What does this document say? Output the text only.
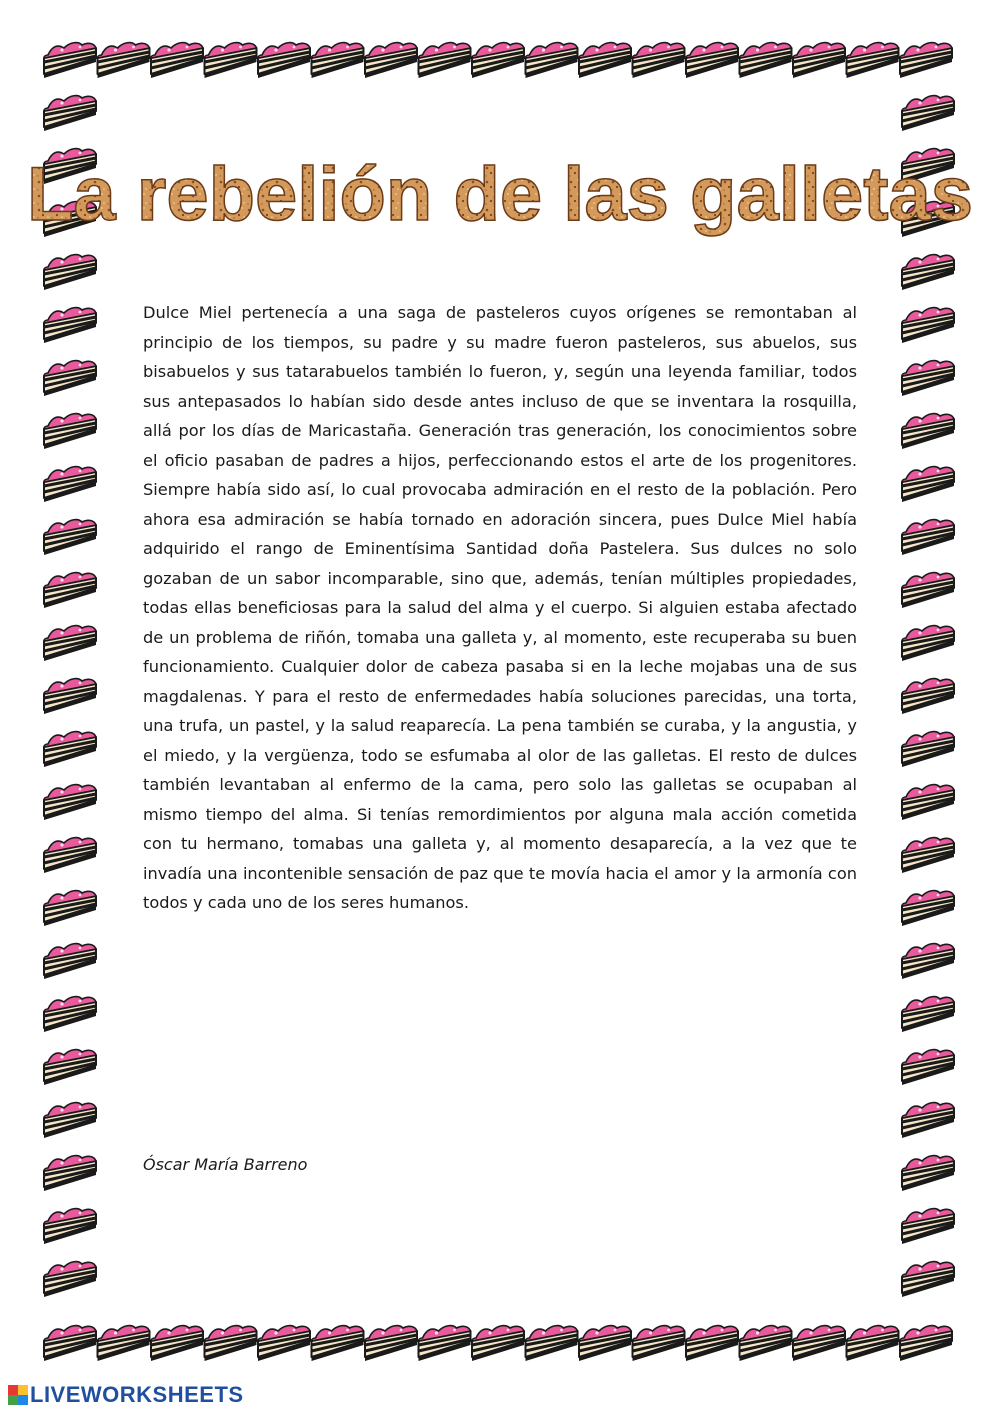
La rebelión de las galletas

Dulce Miel pertenecía a una saga de pasteleros cuyos orígenes se remontaban al principio de los tiempos, su padre y su madre fueron pasteleros, sus abuelos, sus bisabuelos y sus tatarabuelos también lo fueron, y, según una leyenda familiar, todos sus antepasados lo habían sido desde antes incluso de que se inventara la rosquilla, allá por los días de Maricastaña. Generación tras generación, los conocimientos sobre el oficio pasaban de padres a hijos, perfeccionando estos el arte de los progenitores. Siempre había sido así, lo cual provocaba admiración en el resto de la población. Pero ahora esa admiración se había tornado en adoración sincera, pues Dulce Miel había adquirido el rango de Eminentísima Santidad doña Pastelera. Sus dulces no solo gozaban de un sabor incomparable, sino que, además, tenían múltiples propiedades, todas ellas beneficiosas para la salud del alma y el cuerpo. Si alguien estaba afectado de un problema de riñón, tomaba una galleta y, al momento, este recuperaba su buen funcionamiento. Cualquier dolor de cabeza pasaba si en la leche mojabas una de sus magdalenas. Y para el resto de enfermedades había soluciones parecidas, una torta, una trufa, un pastel, y la salud reaparecía. La pena también se curaba, y la angustia, y el miedo, y la vergüenza, todo se esfumaba al olor de las galletas. El resto de dulces también levantaban al enfermo de la cama, pero solo las galletas se ocupaban al mismo tiempo del alma. Si tenías remordimientos por alguna mala acción cometida con tu hermano, tomabas una galleta y, al momento desaparecía, a la vez que te invadía una incontenible sensación de paz que te movía hacia el amor y la armonía con todos y cada uno de los seres humanos.

Óscar María Barreno
LIVEWORKSHEETS
